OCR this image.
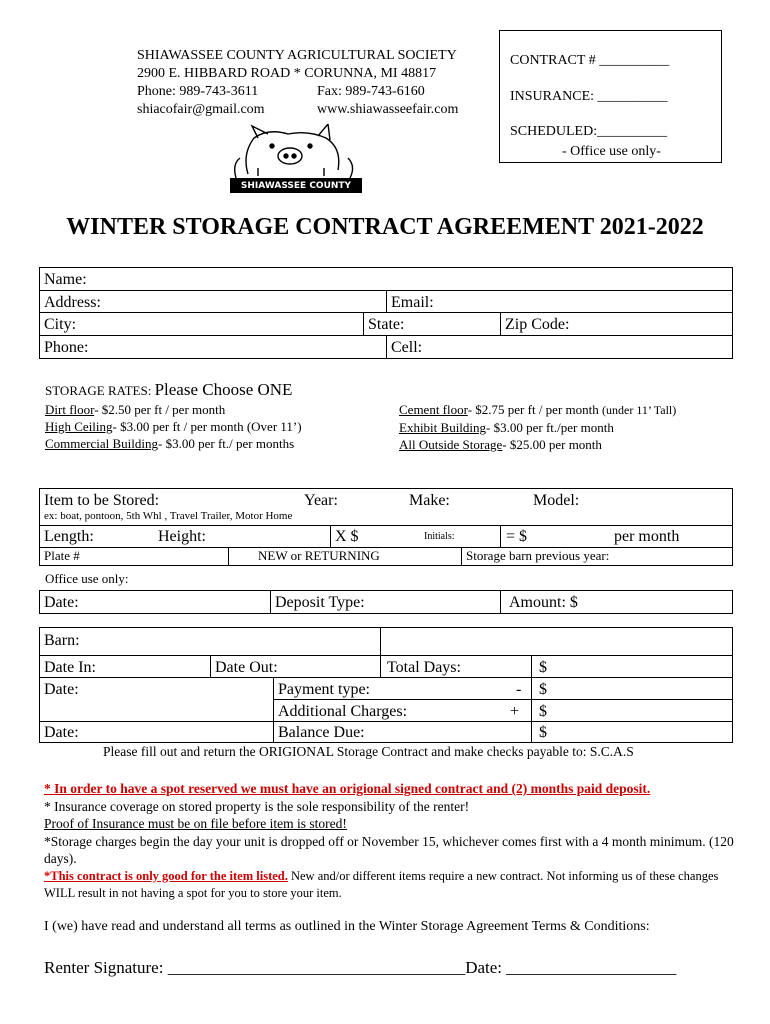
SHIAWASSEE COUNTY AGRICULTURAL SOCIETY
2900 E. HIBBARD ROAD * CORUNNA, MI 48817
Phone: 989-743-3611	Fax: 989-743-6160
shiacofair@gmail.com	www.shiawasseefair.com
CONTRACT # __________
INSURANCE: __________
SCHEDULED:__________
- Office use only-
SHIAWASSEE COUNTY FAIR
WINTER STORAGE CONTRACT AGREEMENT 2021-2022
Name:
Address:	Email:
City:	State:	Zip Code:
Phone:	Cell:
STORAGE RATES: Please Choose ONE
Dirt floor- $2.50 per ft / per month
High Ceiling- $3.00 per ft / per month (Over 11’)
Commercial Building- $3.00 per ft./ per months
Cement floor- $2.75 per ft / per month (under 11’ Tall)
Exhibit Building- $3.00 per ft./per month
All Outside Storage- $25.00 per month
Item to be Stored:	Year:	Make:	Model:
ex: boat, pontoon, 5th Whl , Travel Trailer, Motor Home
Length:	Height:	X $	Initials:	= $	per month
Plate #	NEW or RETURNING	Storage barn previous year:
Office use only:
Date:	Deposit Type:	Amount: $
Barn:
Date In:	Date Out:	Total Days:	$
Date:	Payment type:	- $
Additional Charges:	+ $
Date:	Balance Due:	$
Please fill out and return the ORIGIONAL Storage Contract and make checks payable to: S.C.A.S
* In order to have a spot reserved we must have an origional signed contract and (2) months paid deposit.
* Insurance coverage on stored property is the sole responsibility of the renter!
Proof of Insurance must be on file before item is stored!
*Storage charges begin the day your unit is dropped off or November 15, whichever comes first with a 4 month minimum. (120 days).
*This contract is only good for the item listed. New and/or different items require a new contract. Not informing us of these changes WILL result in not having a spot for you to store your item.
I (we) have read and understand all terms as outlined in the Winter Storage Agreement Terms & Conditions:
Renter Signature: ___________________________________Date: ____________________
